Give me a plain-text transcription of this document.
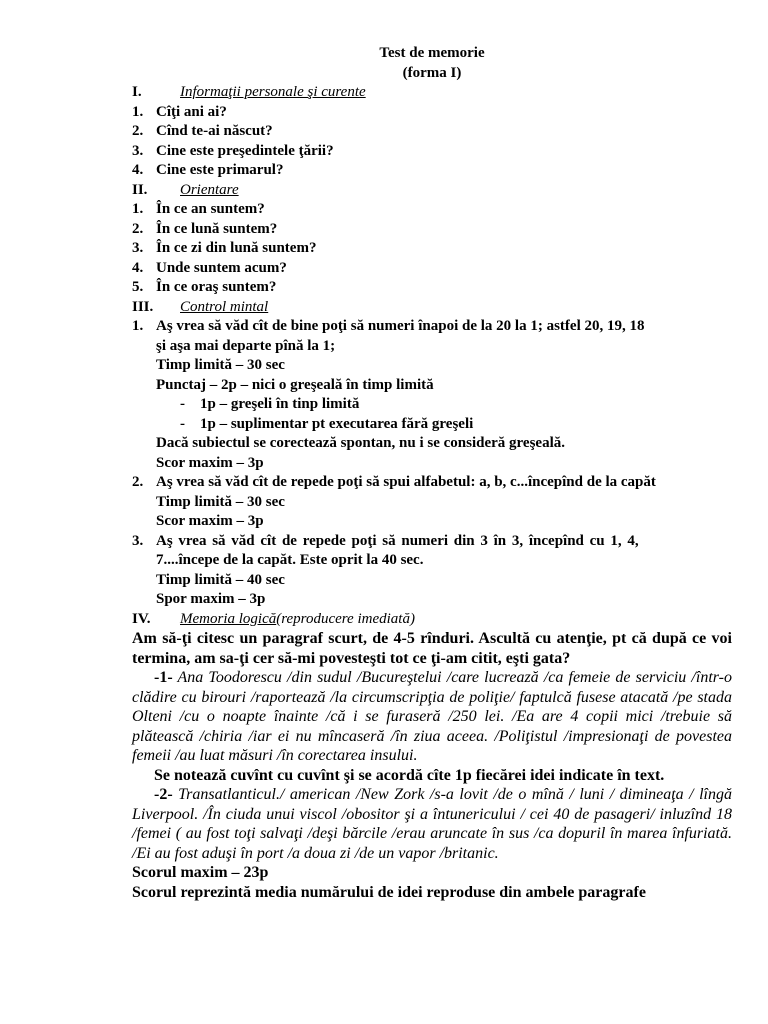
Test de memorie
(forma I)
I.	Informaţii personale şi curente
1. Cîţi ani ai?
2. Cînd te-ai născut?
3. Cine este preşedintele ţării?
4. Cine este primarul?
II.	Orientare
1. În ce an suntem?
2. În ce lună suntem?
3. În ce zi din lună suntem?
4. Unde suntem acum?
5. În ce oraş suntem?
III.	Control mintal
1. Aş vrea să văd cît de bine poţi să numeri înapoi de la 20 la 1; astfel 20, 19, 18
şi aşa mai departe pînă la 1;
Timp limită – 30 sec
Punctaj – 2p – nici o greşeală în timp limită
-	1p – greşeli în tinp limită
-	1p – suplimentar pt executarea fără greşeli
Dacă subiectul se corectează spontan, nu i se consideră greşeală.
Scor maxim – 3p
2. Aş vrea să văd cît de repede poţi să spui alfabetul: a, b, c...începînd de la capăt
Timp limită – 30 sec
Scor maxim – 3p
3. Aş vrea să văd cît de repede poţi să numeri din 3 în 3, începînd cu 1, 4,
7....începe de la capăt. Este oprit la 40 sec.
Timp limită – 40 sec
Spor maxim – 3p
IV.	Memoria logică (reproducere imediată)

Am să-ţi citesc un paragraf scurt, de 4-5 rînduri. Ascultă cu atenţie, pt că după ce voi termina, am sa-ţi cer să-mi povesteşti tot ce ţi-am citit, eşti gata?

-1- Ana Toodorescu /din sudul /Bucureştelui /care lucrează /ca femeie de serviciu /într-o clădire cu birouri /raportează /la circumscripţia de poliţie/ faptulcă fusese atacată /pe stada Olteni /cu o noapte înainte /că i se furaseră /250 lei. /Ea are 4 copii mici /trebuie să plătească /chiria /iar ei nu mîncaseră /în ziua aceea. /Poliţistul /impresionaţi de povestea femeii /au luat măsuri /în corectarea insului.

Se notează cuvînt cu cuvînt şi se acordă cîte 1p fiecărei idei indicate în text.

-2- Transatlanticul./ american /New Zork /s-a lovit /de o mînă / luni / dimineaţa / lîngă Liverpool. /În ciuda unui viscol /obositor şi a întunericului / cei 40 de pasageri/ inluzînd 18 /femei ( au fost toţi salvaţi /deşi bărcile /erau aruncate în sus /ca dopuril în marea înfuriată. /Ei au fost aduşi în port /a doua zi /de un vapor /britanic.

Scorul maxim – 23p

Scorul reprezintă media numărului de idei reproduse din ambele paragrafe
